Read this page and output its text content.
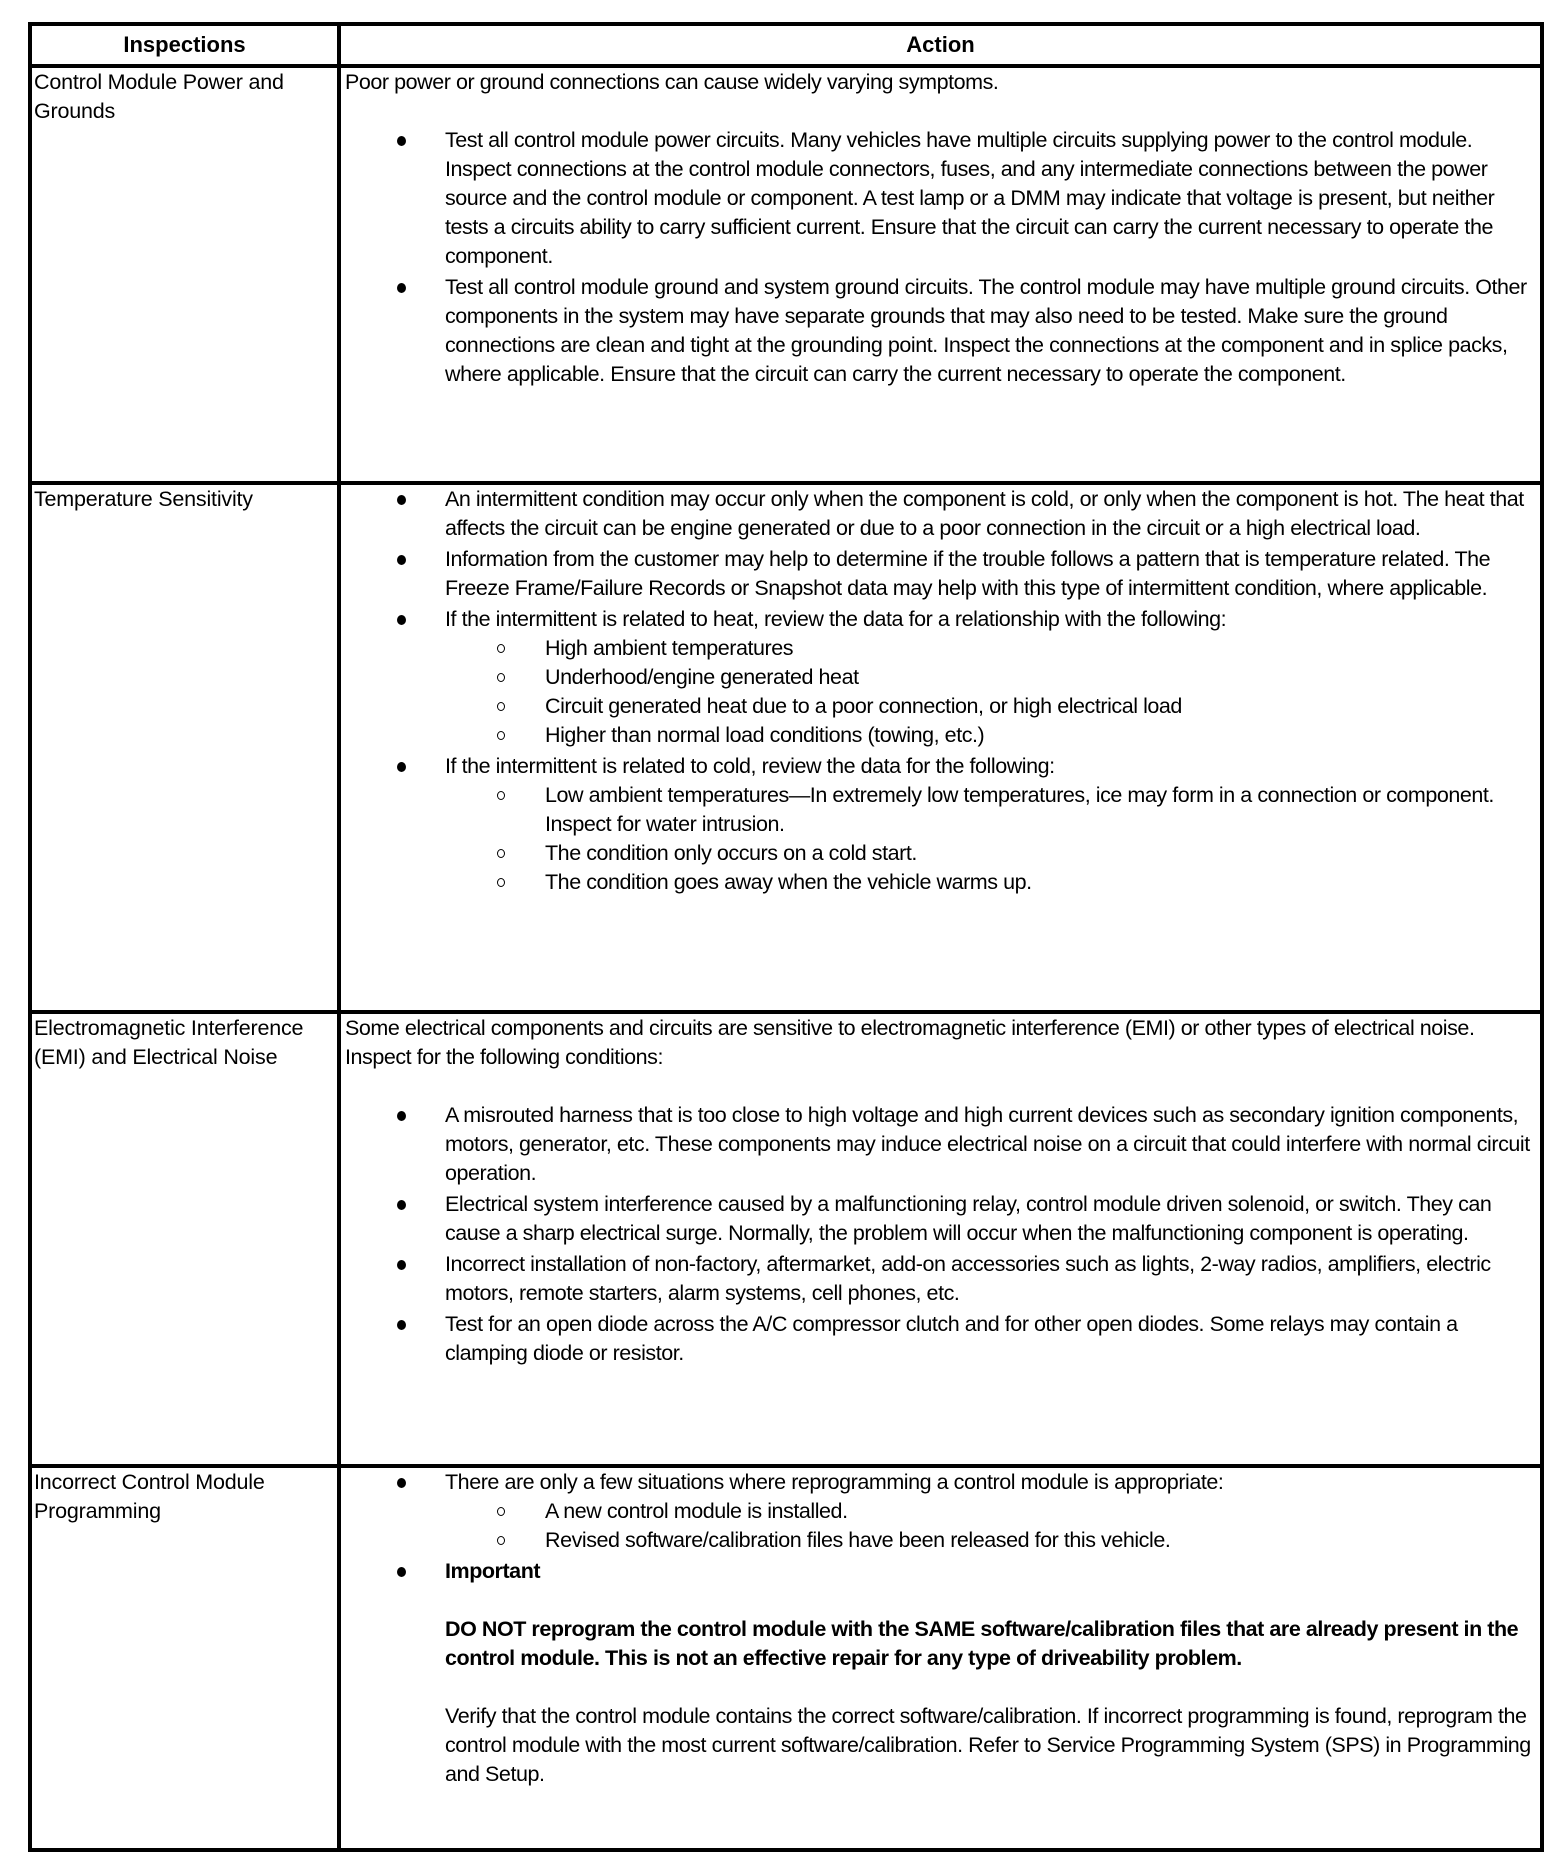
Inspections	Action
Control Module Power and Grounds

Poor power or ground connections can cause widely varying symptoms.

Test all control module power circuits. Many vehicles have multiple circuits supplying power to the control module. Inspect connections at the control module connectors, fuses, and any intermediate connections between the power source and the control module or component. A test lamp or a DMM may indicate that voltage is present, but neither tests a circuits ability to carry sufficient current. Ensure that the circuit can carry the current necessary to operate the component.
Test all control module ground and system ground circuits. The control module may have multiple ground circuits. Other components in the system may have separate grounds that may also need to be tested. Make sure the ground connections are clean and tight at the grounding point. Inspect the connections at the component and in splice packs, where applicable. Ensure that the circuit can carry the current necessary to operate the component.
Temperature Sensitivity	An intermittent condition may occur only when the component is cold, or only when the component is hot. The heat that affects the circuit can be engine generated or due to a poor connection in the circuit or a high electrical load.
Information from the customer may help to determine if the trouble follows a pattern that is temperature related. The Freeze Frame/Failure Records or Snapshot data may help with this type of intermittent condition, where applicable.
If the intermittent is related to heat, review the data for a relationship with the following:
High ambient temperatures
Underhood/engine generated heat
Circuit generated heat due to a poor connection, or high electrical load
Higher than normal load conditions (towing, etc.)
If the intermittent is related to cold, review the data for the following:
Low ambient temperatures—In extremely low temperatures, ice may form in a connection or component. Inspect for water intrusion.
The condition only occurs on a cold start.
The condition goes away when the vehicle warms up.
Electromagnetic Interference (EMI) and Electrical Noise

Some electrical components and circuits are sensitive to electromagnetic interference (EMI) or other types of electrical noise. Inspect for the following conditions:

A misrouted harness that is too close to high voltage and high current devices such as secondary ignition components, motors, generator, etc. These components may induce electrical noise on a circuit that could interfere with normal circuit operation.
Electrical system interference caused by a malfunctioning relay, control module driven solenoid, or switch. They can cause a sharp electrical surge. Normally, the problem will occur when the malfunctioning component is operating.
Incorrect installation of non-factory, aftermarket, add-on accessories such as lights, 2-way radios, amplifiers, electric motors, remote starters, alarm systems, cell phones, etc.
Test for an open diode across the A/C compressor clutch and for other open diodes. Some relays may contain a clamping diode or resistor.
Incorrect Control Module Programming
There are only a few situations where reprogramming a control module is appropriate:
A new control module is installed.
Revised software/calibration files have been released for this vehicle.
Important

DO NOT reprogram the control module with the SAME software/calibration files that are already present in the control module. This is not an effective repair for any type of driveability problem.

Verify that the control module contains the correct software/calibration. If incorrect programming is found, reprogram the control module with the most current software/calibration. Refer to Service Programming System (SPS) in Programming and Setup.
